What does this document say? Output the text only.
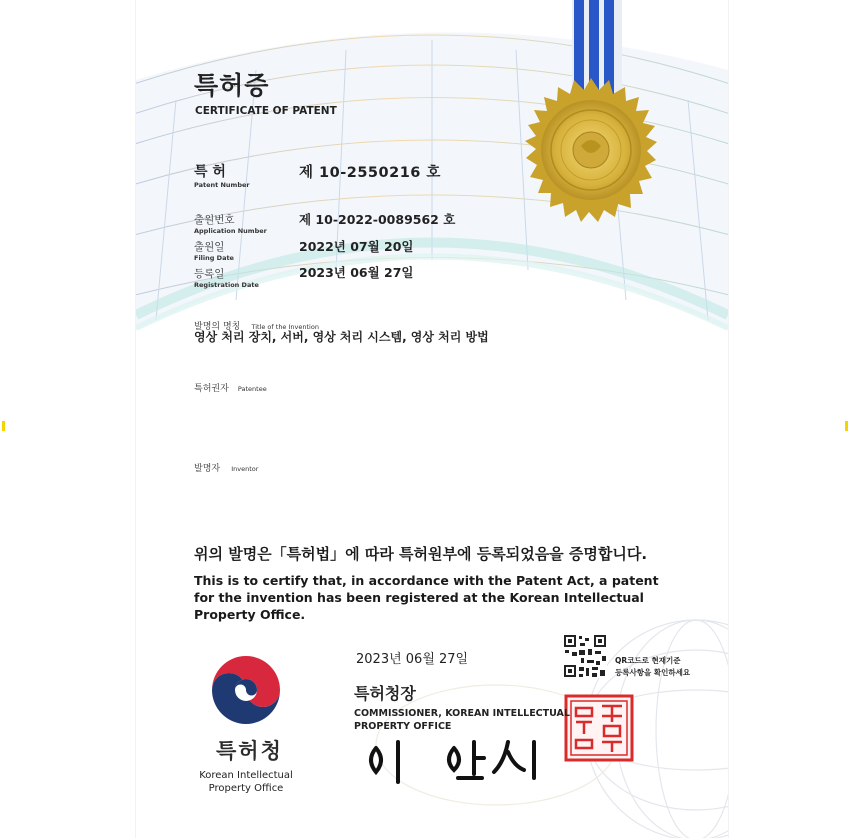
특허증
CERTIFICATE OF PATENT
특 허
Patent Number
제 10-2550216 호
출원번호
Application Number
제 10-2022-0089562 호
출원일
Filing Date
2022년 07월 20일
등록일
Registration Date
2023년 06월 27일
발명의 명칭 Title of the Invention
영상 처리 장치, 서버, 영상 처리 시스템, 영상 처리 방법
특허권자 Patentee
발명자 Inventor
위의 발명은「특허법」에 따라 특허원부에 등록되었음을 증명합니다.
This is to certify that, in accordance with the Patent Act, a patent for the invention has been registered at the Korean Intellectual Property Office.
2023년 06월 27일	QR코드로 현재기준
등록사항을 확인하세요
특허청장
COMMISSIONER, KOREAN INTELLECTUAL PROPERTY OFFICE
특허청
Korean Intellectual Property Office
